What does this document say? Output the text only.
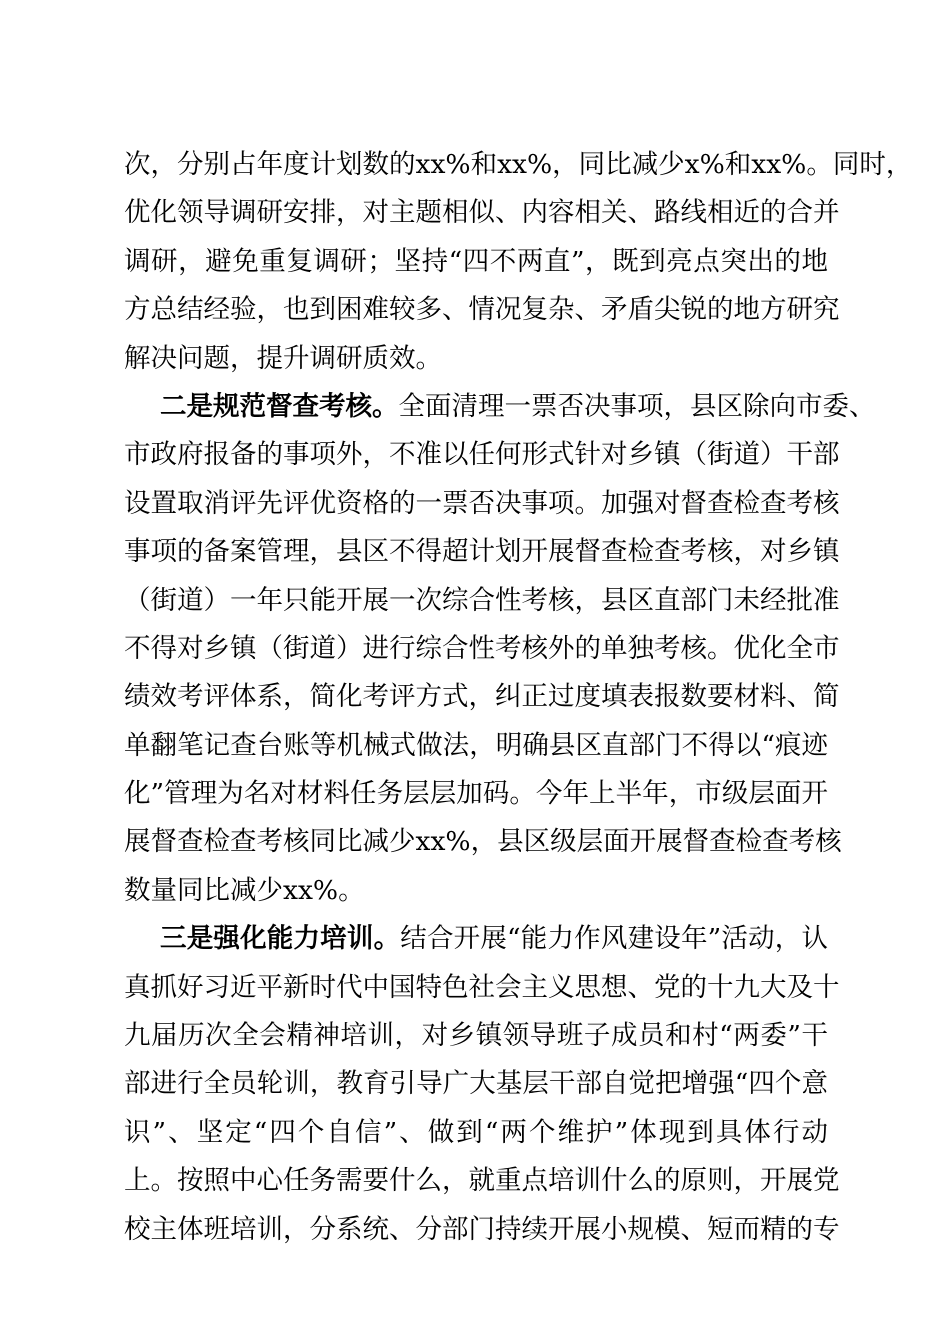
次，分别占年度计划数的xx%和xx%，同比减少x%和xx%。同时，
优化领导调研安排，对主题相似、内容相关、路线相近的合并
调研，避免重复调研；坚持“四不两直”，既到亮点突出的地
方总结经验，也到困难较多、情况复杂、矛盾尖锐的地方研究
解决问题，提升调研质效。
二是规范督查考核。全面清理一票否决事项，县区除向市委、
市政府报备的事项外，不准以任何形式针对乡镇（街道）干部
设置取消评先评优资格的一票否决事项。加强对督查检查考核
事项的备案管理，县区不得超计划开展督查检查考核，对乡镇
（街道）一年只能开展一次综合性考核，县区直部门未经批准
不得对乡镇（街道）进行综合性考核外的单独考核。优化全市
绩效考评体系，简化考评方式，纠正过度填表报数要材料、简
单翻笔记查台账等机械式做法，明确县区直部门不得以“痕迹
化”管理为名对材料任务层层加码。今年上半年，市级层面开
展督查检查考核同比减少xx%，县区级层面开展督查检查考核
数量同比减少xx%。
三是强化能力培训。结合开展“能力作风建设年”活动，认
真抓好习近平新时代中国特色社会主义思想、党的十九大及十
九届历次全会精神培训，对乡镇领导班子成员和村“两委”干
部进行全员轮训，教育引导广大基层干部自觉把增强“四个意
识”、坚定“四个自信”、做到“两个维护”体现到具体行动
上。按照中心任务需要什么，就重点培训什么的原则，开展党
校主体班培训，分系统、分部门持续开展小规模、短而精的专
